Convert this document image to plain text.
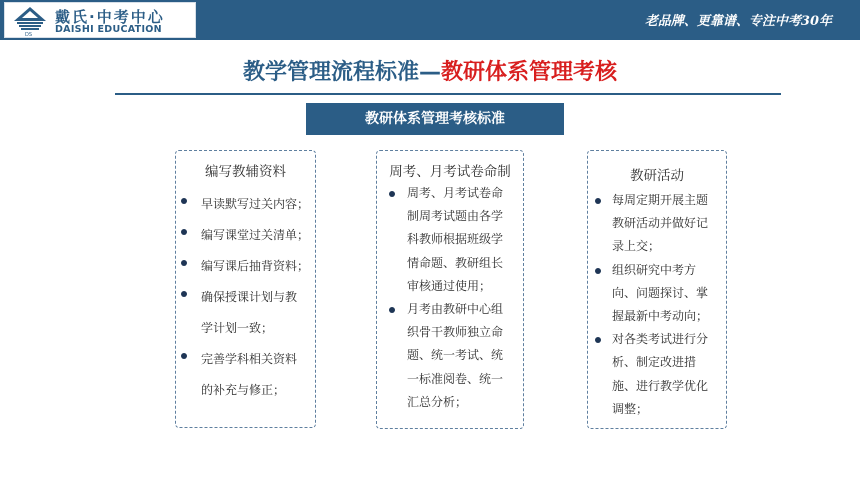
DS
戴氏·中考中心
DAISHI EDUCATION
老品牌、更靠谱、专注中考30年
教学管理流程标准—教研体系管理考核
教研体系管理考核标准
编写教辅资料
早读默写过关内容；
编写课堂过关清单；
编写课后抽背资料；
确保授课计划与教
学计划一致；
完善学科相关资料
的补充与修正；
周考、月考试卷命制
周考、月考试卷命
制周考试题由各学
科教师根据班级学
情命题、教研组长
审核通过使用；
月考由教研中心组
织骨干教师独立命
题、统一考试、统
一标准阅卷、统一
汇总分析；
教研活动
每周定期开展主题
教研活动并做好记
录上交；
组织研究中考方
向、问题探讨、掌
握最新中考动向；
对各类考试进行分
析、制定改进措
施、进行教学优化
调整；
